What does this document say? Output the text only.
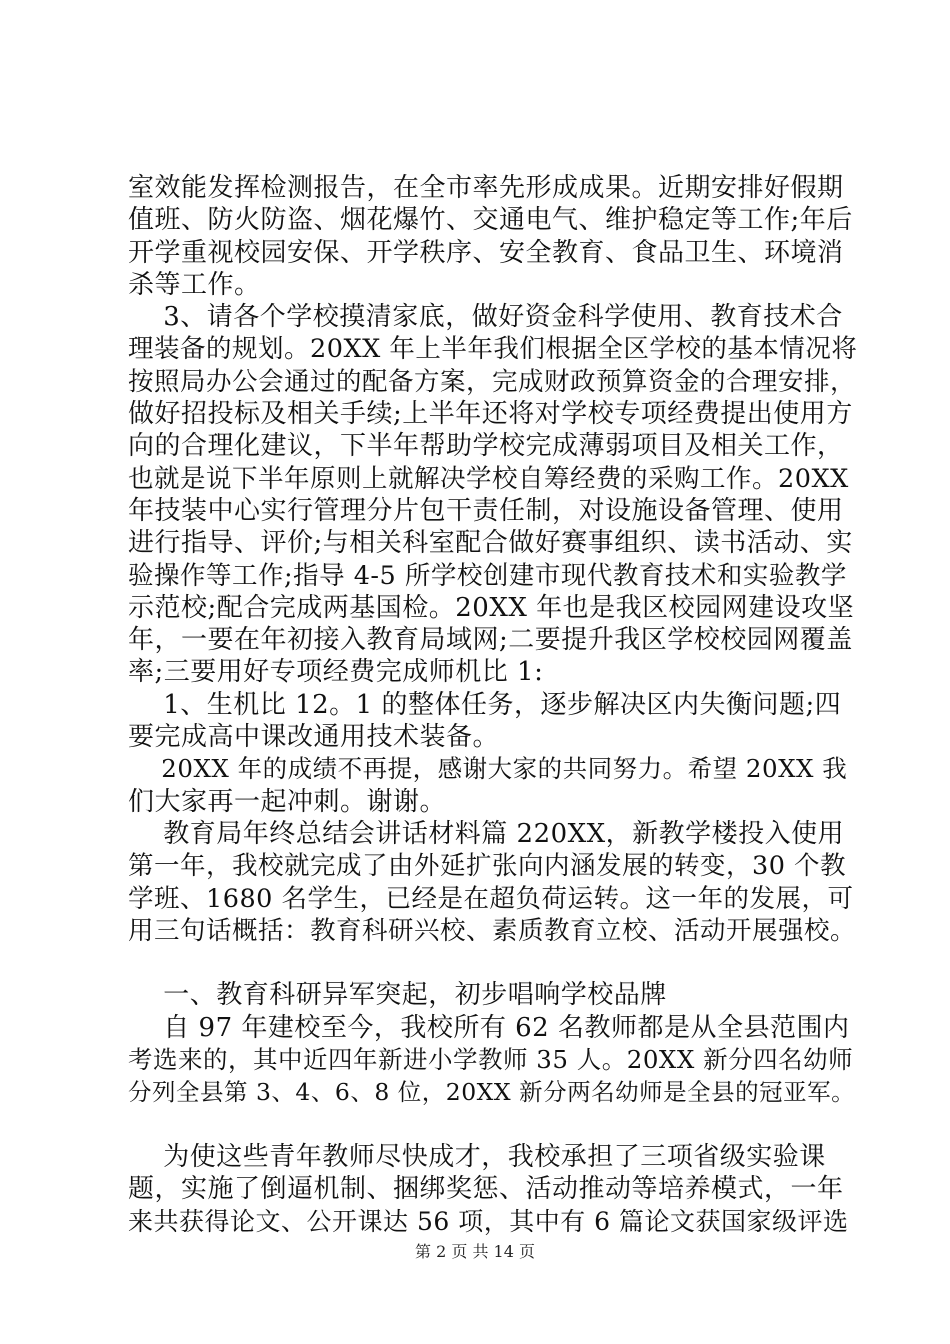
室效能发挥检测报告，在全市率先形成成果。近期安排好假期
值班、防火防盗、烟花爆竹、交通电气、维护稳定等工作;年后
开学重视校园安保、开学秩序、安全教育、食品卫生、环境消
杀等工作。
　 3、请各个学校摸清家底，做好资金科学使用、教育技术合
理装备的规划。20XX 年上半年我们根据全区学校的基本情况将
按照局办公会通过的配备方案，完成财政预算资金的合理安排，
做好招投标及相关手续;上半年还将对学校专项经费提出使用方
向的合理化建议，下半年帮助学校完成薄弱项目及相关工作，
也就是说下半年原则上就解决学校自筹经费的采购工作。20XX
年技装中心实行管理分片包干责任制，对设施设备管理、使用
进行指导、评价;与相关科室配合做好赛事组织、读书活动、实
验操作等工作;指导 4-5 所学校创建市现代教育技术和实验教学
示范校;配合完成两基国检。20XX 年也是我区校园网建设攻坚
年，一要在年初接入教育局域网;二要提升我区学校校园网覆盖
率;三要用好专项经费完成师机比 1:
　 1、生机比 12。1 的整体任务，逐步解决区内失衡问题;四
要完成高中课改通用技术装备。
　 20XX 年的成绩不再提，感谢大家的共同努力。希望 20XX 我
们大家再一起冲刺。谢谢。
　 教育局年终总结会讲话材料篇 220XX，新教学楼投入使用
第一年，我校就完成了由外延扩张向内涵发展的转变，30 个教
学班、1680 名学生，已经是在超负荷运转。这一年的发展，可
用三句话概括：教育科研兴校、素质教育立校、活动开展强校。
　 一、教育科研异军突起，初步唱响学校品牌
　 自 97 年建校至今，我校所有 62 名教师都是从全县范围内
考选来的，其中近四年新进小学教师 35 人。20XX 新分四名幼师
分列全县第 3、4、6、8 位，20XX 新分两名幼师是全县的冠亚军。
　 为使这些青年教师尽快成才，我校承担了三项省级实验课
题，实施了倒逼机制、捆绑奖惩、活动推动等培养模式，一年
来共获得论文、公开课达 56 项，其中有 6 篇论文获国家级评选
第 2 页 共 14 页
